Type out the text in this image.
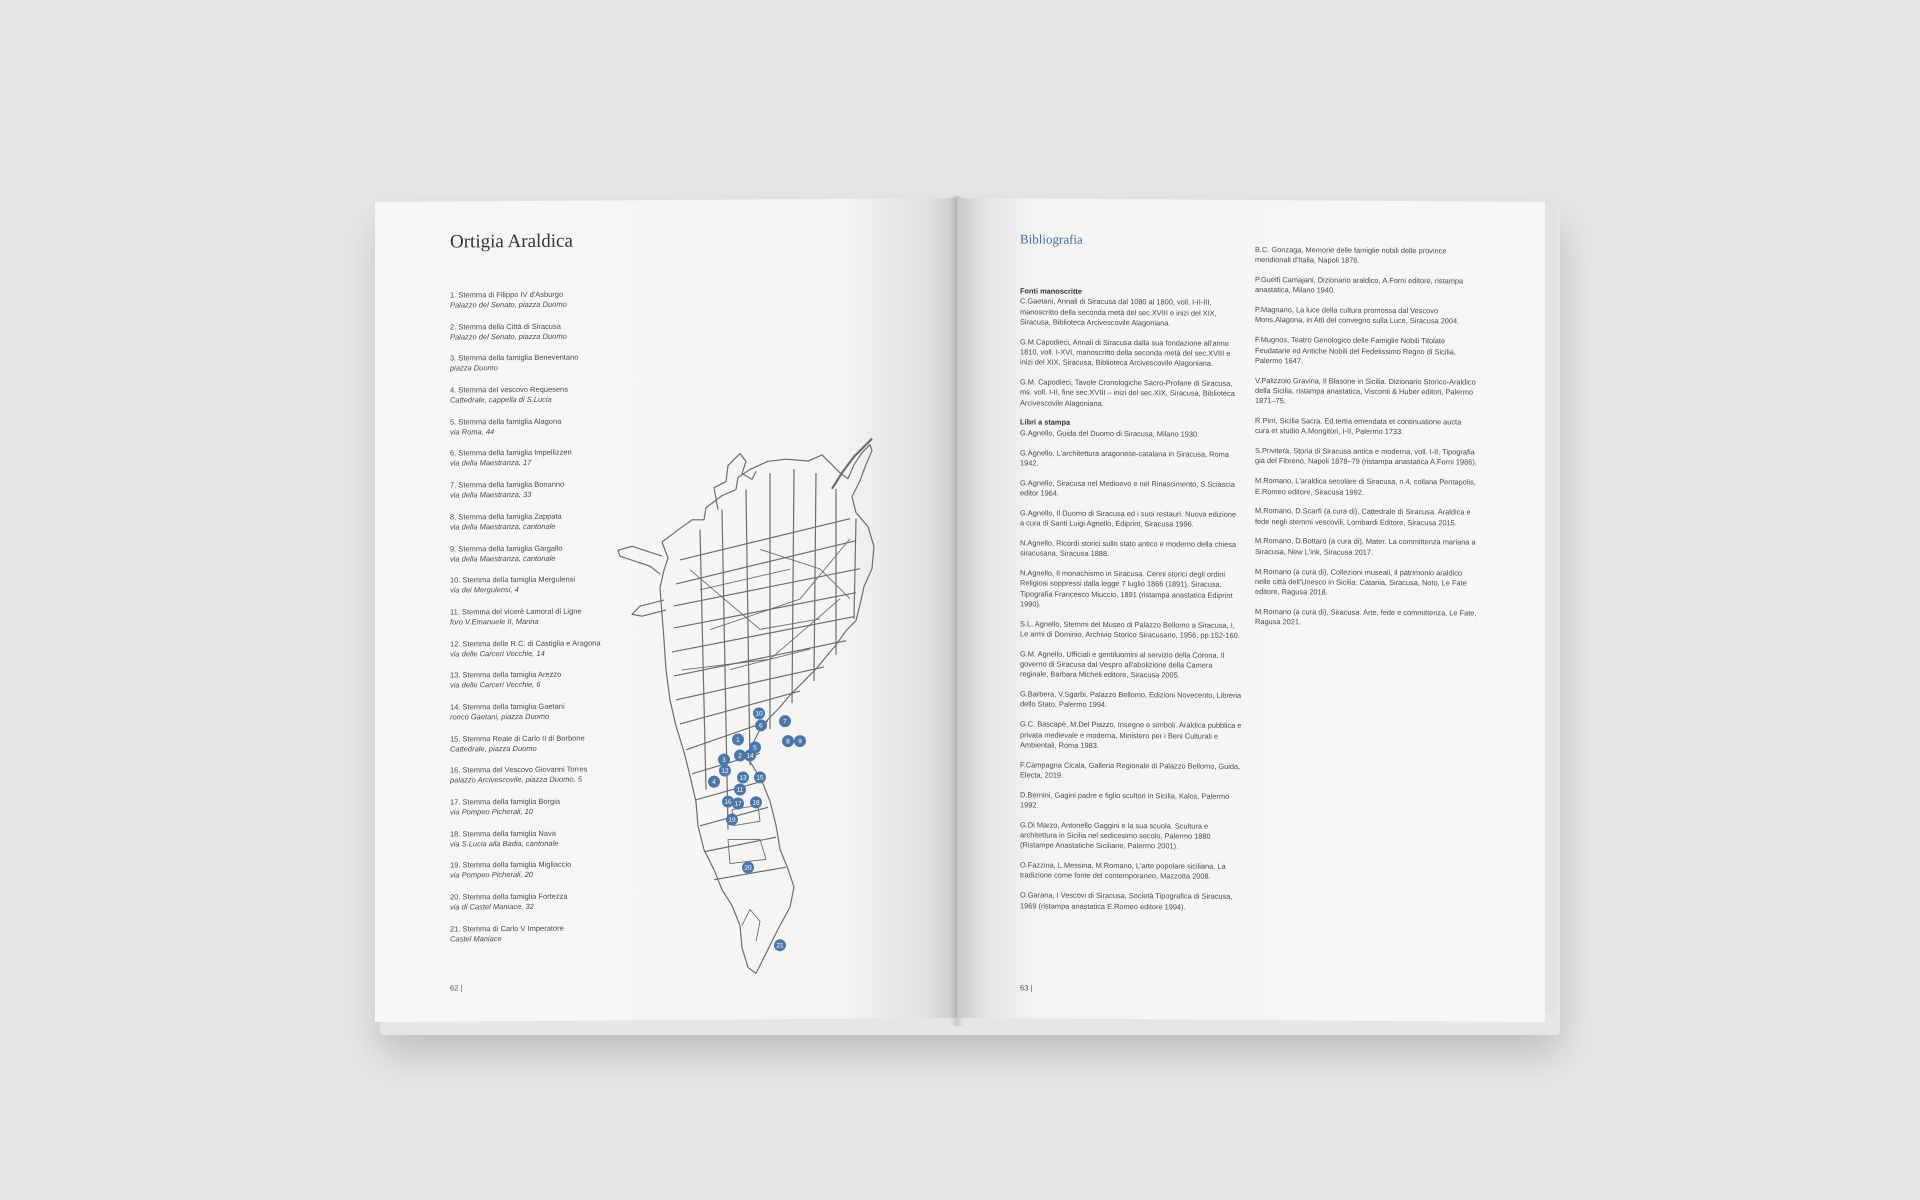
Ortigia Araldica
1. Stemma di Filippo IV d'Asburgo
Palazzo del Senato, piazza Duomo
2. Stemma della Città di Siracusa
Palazzo del Senato, piazza Duomo
3. Stemma della famiglia Beneventano
piazza Duomo
4. Stemma del vescovo Requesens
Cattedrale, cappella di S.Lucia
5. Stemma della famiglia Alagona
via Roma, 44
6. Stemma della famiglia Impellizzeri
via della Maestranza, 17
7. Stemma della famiglia Bonanno
via della Maestranza, 33
8. Stemma della famiglia Zappata
via della Maestranza, cantonale
9. Stemma della famiglia Gargallo
via della Maestranza, cantonale
10. Stemma della famiglia Mergulensi
via dei Mergulensi, 4
11. Stemma del viceré Lamoral di Ligne
foro V.Emanuele II, Marina
12. Stemma delle R.C. di Castiglia e Aragona
via delle Carceri Vecchie, 14
13. Stemma della famiglia Arezzo
via delle Carceri Vecchie, 6
14. Stemma della famiglia Gaetani
ronco Gaetani, piazza Duomo
15. Stemma Reale di Carlo II di Borbone
Cattedrale, piazza Duomo
16. Stemma del Vescovo Giovanni Torres
palazzo Arcivescovile, piazza Duomo, 5
17. Stemma della famiglia Borgia
via Pompeo Picherali, 10
18. Stemma della famiglia Nava
via S.Lucia alla Badia, cantonale
19. Stemma della famiglia Migliaccio
via Pompeo Picherali, 20
20. Stemma della famiglia Fortezza
via di Castel Maniace, 32
21. Stemma di Carlo V Imperatore
Castel Maniace
10
6
7
8 9
1
5
2
3
12
13 15
4
11
16 17 18
19
20
21
14
62 |
Bibliografia

Fonti manoscritte
C.Gaetani, Annali di Siracusa dal 1080 al 1800, voll. I-II-III, manoscritto della seconda metà del sec.XVIII e inizi del XIX, Siracusa, Biblioteca Arcivescovile Alagoniana.

G.M.Capodieci, Annali di Siracusa dalla sua fondazione all'anno 1810, voll. I-XVI, manoscritto della seconda metà del sec.XVIII e inizi del XIX, Siracusa, Biblioteca Arcivescovile Alagoniana.

G.M. Capodieci, Tavole Cronologiche Sacro-Profane di Siracusa, ms. voll. I-II, fine sec.XVIII – inizi del sec.XIX, Siracusa, Biblioteca Arcivescovile Alagoniana.

Libri a stampa
G.Agnello, Guida del Duomo di Siracusa, Milano 1930.

G.Agnello, L'architettura aragonese-catalana in Siracusa, Roma 1942.

G.Agnello, Siracusa nel Medioevo e nel Rinascimento, S.Sciascia editor 1964.

G.Agnello, Il Duomo di Siracusa ed i suoi restauri. Nuova edizione a cura di Santi Luigi Agnello, Ediprint, Siracusa 1996.

N.Agnello, Ricordi storici sullo stato antico e moderno della chiesa siracusana, Siracusa 1888.

N.Agnello, Il monachismo in Siracusa. Cenni storici degli ordini Religiosi soppressi dalla legge 7 luglio 1866 (1891), Siracusa, Tipografia Francesco Miuccio, 1891 (ristampa anastatica Ediprint 1990).

S.L. Agnello, Stemmi del Museo di Palazzo Bellomo a Siracusa, I, Le armi di Dominio, Archivio Storico Siracusano, 1956, pp.152-160.

G.M. Agnello, Ufficiali e gentiluomini al servizio della Corona. Il governo di Siracusa dal Vespro all'abolizione della Camera reginale, Barbara Micheli editore, Siracusa 2005.

G.Barbera, V.Sgarbi, Palazzo Bellomo, Edizioni Novecento, Libreria dello Stato, Palermo 1994.

G.C. Bascapè, M.Del Piazzo, Insegne e simboli. Araldica pubblica e privata medievale e moderna, Ministero per i Beni Culturali e Ambientali, Roma 1983.

F.Campagna Cicala, Galleria Regionale di Palazzo Bellomo, Guida, Electa, 2019.

D.Bernini, Gagini padre e figlio scultori in Sicilia, Kalos, Palermo 1992.

G.Di Marzo, Antonello Gaggini e la sua scuola. Scultura e architettura in Sicilia nel sedicesimo secolo, Palermo 1880 (Ristampe Anastatiche Siciliane, Palermo 2001).

O.Fazzina, L.Messina, M.Romano, L'arte popolare siciliana. La tradizione come fonte del contemporaneo, Mazzotta 2008.

O.Garana, I Vescovi di Siracusa, Società Tipografica di Siracusa, 1969 (ristampa anastatica E.Romeo editore 1994).

B.C. Gonzaga, Memorie delle famiglie nobili delle province meridionali d'Italia, Napoli 1876.

P.Guelfi Camajani, Dizionario araldico, A.Forni editore, ristampa anastatica, Milano 1940.

P.Magnano, La luce della cultura promossa dal Vescovo Mons.Alagona, in Atti del convegno sulla Luce, Siracusa 2004.

F.Mugnos, Teatro Genologico delle Famiglie Nobili Titolate Feudatarie ed Antiche Nobili del Fedelissimo Regno di Sicilia, Palermo 1647.

V.Palizzolo Gravina, Il Blasone in Sicilia. Dizionario Storico-Araldico della Sicilia, ristampa anastatica, Visconti & Huber editori, Palermo 1871–75.

R.Pirri, Sicilia Sacra. Ed.tertia emendata et continuatione aucta cura et studio A.Mongitori, I-II, Palermo 1733.

S.Privitera, Storia di Siracusa antica e moderna, voll. I-II, Tipografia già del Fibreno, Napoli 1878–79 (ristampa anastatica A.Forni 1986).

M.Romano, L'araldica secolare di Siracusa, n.4, collana Pentapolis, E.Romeo editore, Siracusa 1992.

M.Romano, D.Scarfì (a cura di), Cattedrale di Siracusa. Araldica e fede negli stemmi vescovili, Lombardi Editore, Siracusa 2015.

M.Romano, D.Bottaro (a cura di), Mater. La committenza mariana a Siracusa, New L'ink, Siracusa 2017.

M.Romano (a cura di), Collezioni museali, il patrimonio araldico nelle città dell'Unesco in Sicilia: Catania, Siracusa, Noto, Le Fate editore, Ragusa 2018.

M.Romano (a cura di), Siracusa. Arte, fede e committenza, Le Fate, Ragusa 2021.

63 |
